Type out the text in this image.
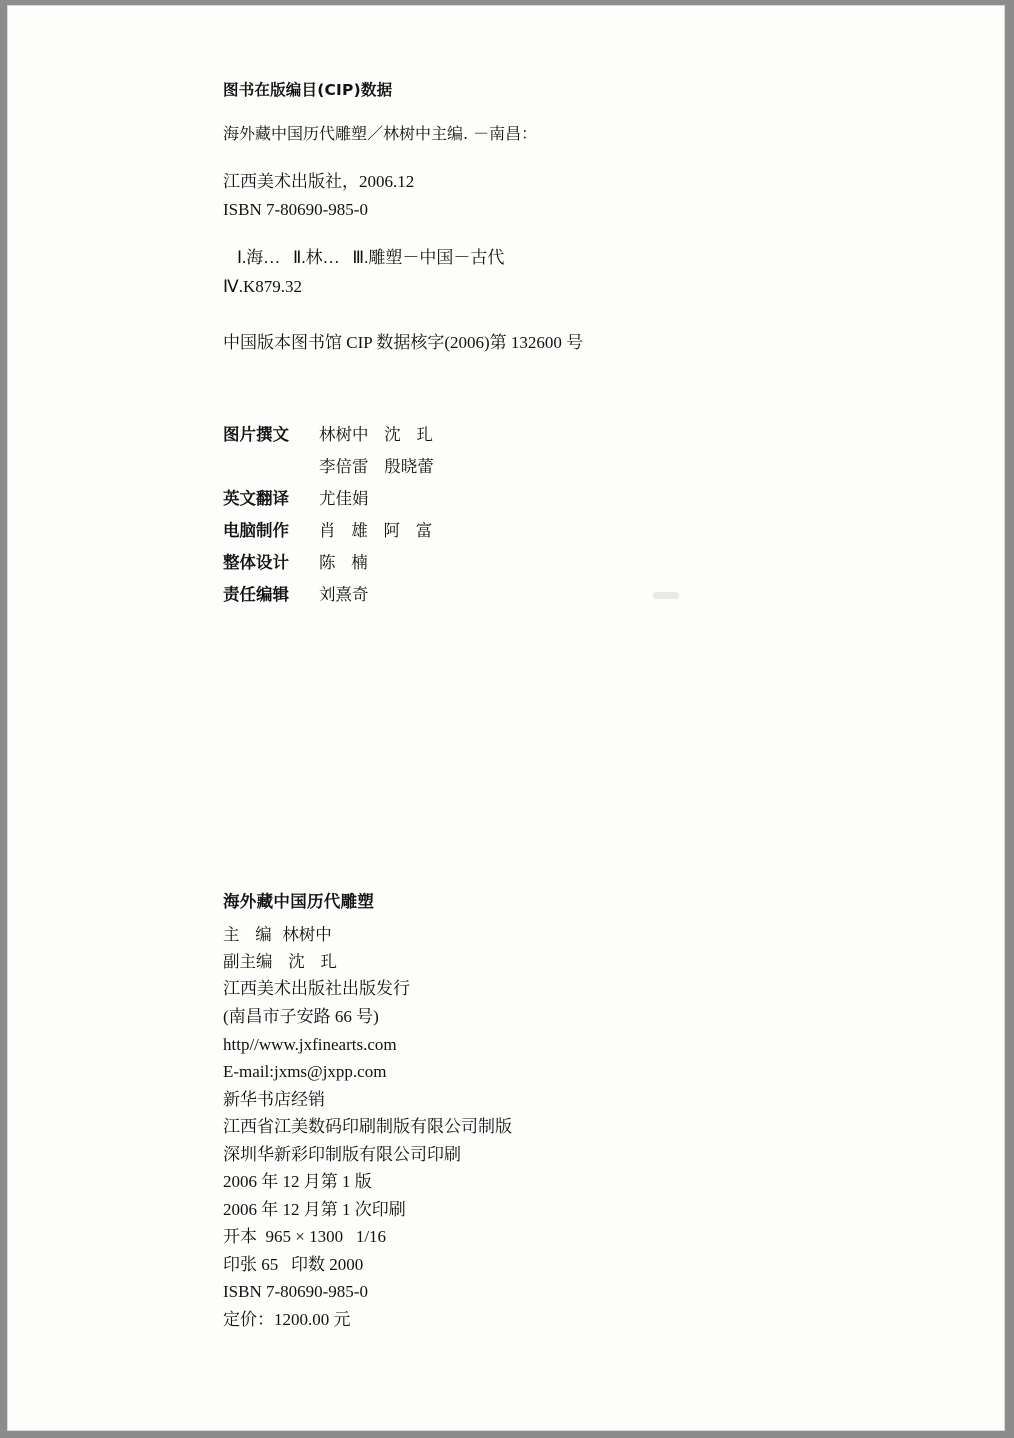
图书在版编目(CIP)数据
海外藏中国历代雕塑／林树中主编. －南昌：
江西美术出版社，2006.12
ISBN 7-80690-985-0
Ⅰ.海…   Ⅱ.林…   Ⅲ.雕塑－中国－古代
Ⅳ.K879.32
中国版本图书馆 CIP 数据核字(2006)第 132600 号
图片撰文	林树中   沈   玌
李倍雷   殷晓蕾
英文翻译	尤佳娟
电脑制作	肖   雄   阿   富
整体设计	陈   楠
责任编辑	刘熹奇
海外藏中国历代雕塑
主   编  林树中
副主编   沈   玌
江西美术出版社出版发行
(南昌市子安路 66 号)
http//www.jxfinearts.com
E-mail:jxms@jxpp.com
新华书店经销
江西省江美数码印刷制版有限公司制版
深圳华新彩印制版有限公司印刷
2006 年 12 月第 1 版
2006 年 12 月第 1 次印刷
开本  965 × 1300   1/16
印张 65   印数 2000
ISBN 7-80690-985-0
定价：1200.00 元
